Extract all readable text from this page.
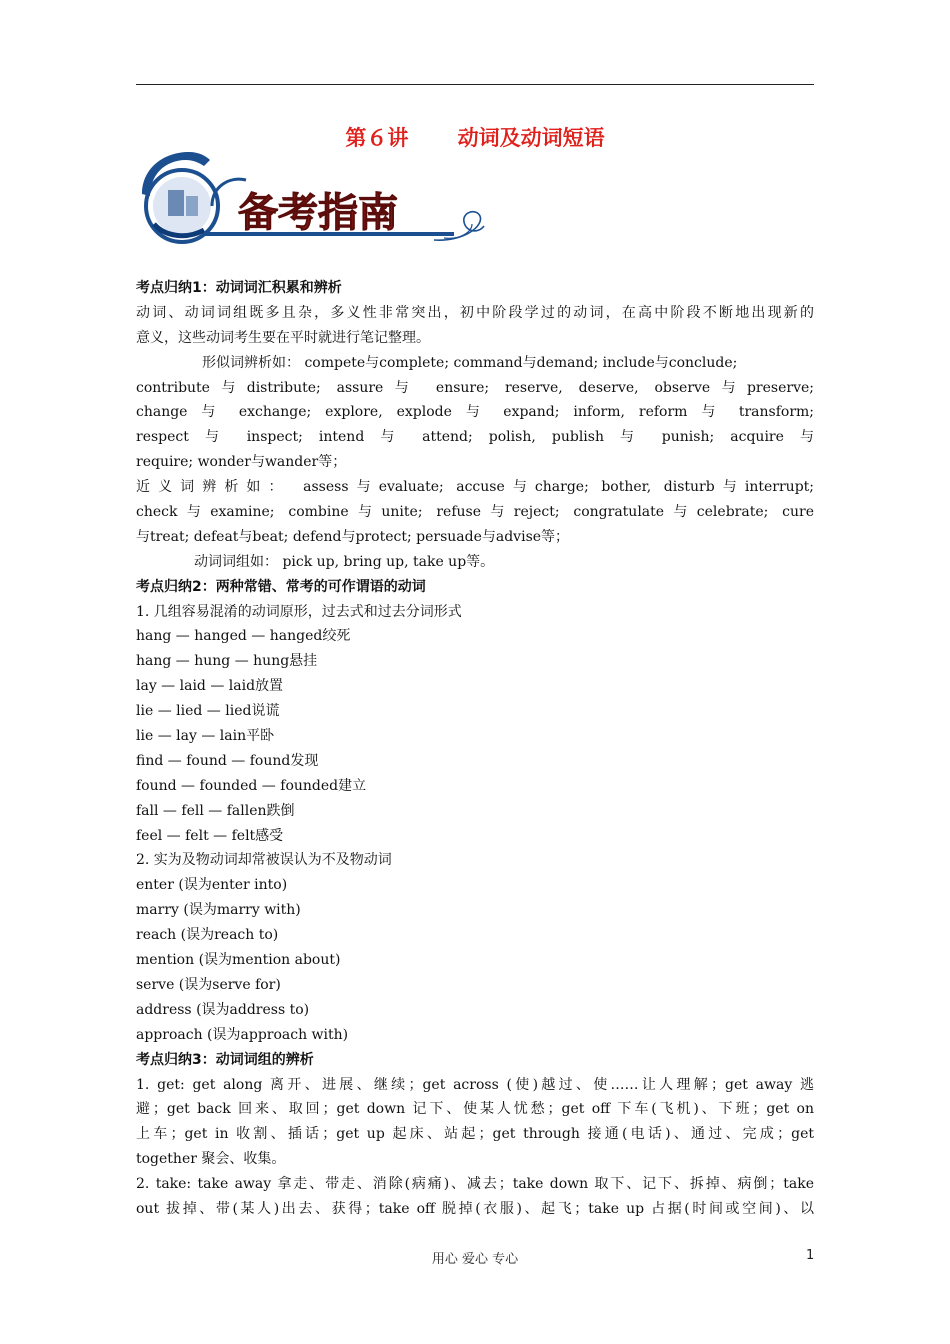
第６讲　　 动词及动词短语
备考指南
考点归纳1：动词词汇积累和辨析
动词、动词词组既多且杂，多义性非常突出，初中阶段学过的动词，在高中阶段不断地出现新的
意义，这些动词考生要在平时就进行笔记整理。
形似词辨析如： compete与complete; command与demand; include与conclude;
contribute与distribute; assure与 ensure; reserve, deserve, observe与preserve;
change 与 exchange; explore, explode 与 expand; inform, reform 与 transform;
respect 与 inspect; intend 与 attend; polish, publish 与 punish; acquire 与
require; wonder与wander等；
近义词辨析如： assess与evaluate; accuse与charge; bother, disturb与interrupt;
check与examine; combine与unite; refuse与reject; congratulate与celebrate; cure
与treat; defeat与beat; defend与protect; persuade与advise等；
动词词组如： pick up, bring up, take up等。
考点归纳2：两种常错、常考的可作谓语的动词
1. 几组容易混淆的动词原形，过去式和过去分词形式
hang — hanged — hanged绞死
hang — hung — hung悬挂
lay — laid — laid放置
lie — lied — lied说谎
lie — lay — lain平卧
find — found — found发现
found — founded — founded建立
fall — fell — fallen跌倒
feel — felt — felt感受
2. 实为及物动词却常被误认为不及物动词
enter (误为enter into)
marry (误为marry with)
reach (误为reach to)
mention (误为mention about)
serve (误为serve for)
address (误为address to)
approach (误为approach with)
考点归纳3：动词词组的辨析
1. get: get along 离开、进展、继续；get across (使)越过、使……让人理解；get away 逃
避；get back 回来、取回；get down 记下、使某人忧愁；get off 下车(飞机)、下班；get on
上车；get in 收割、插话；get up 起床、站起；get through 接通(电话)、通过、完成；get
together 聚会、收集。
2. take: take away 拿走、带走、消除(病痛)、减去；take down 取下、记下、拆掉、病倒；take
out 拔掉、带(某人)出去、获得；take off 脱掉(衣服)、起飞；take up 占据(时间或空间)、以
用心 爱心 专心	1
